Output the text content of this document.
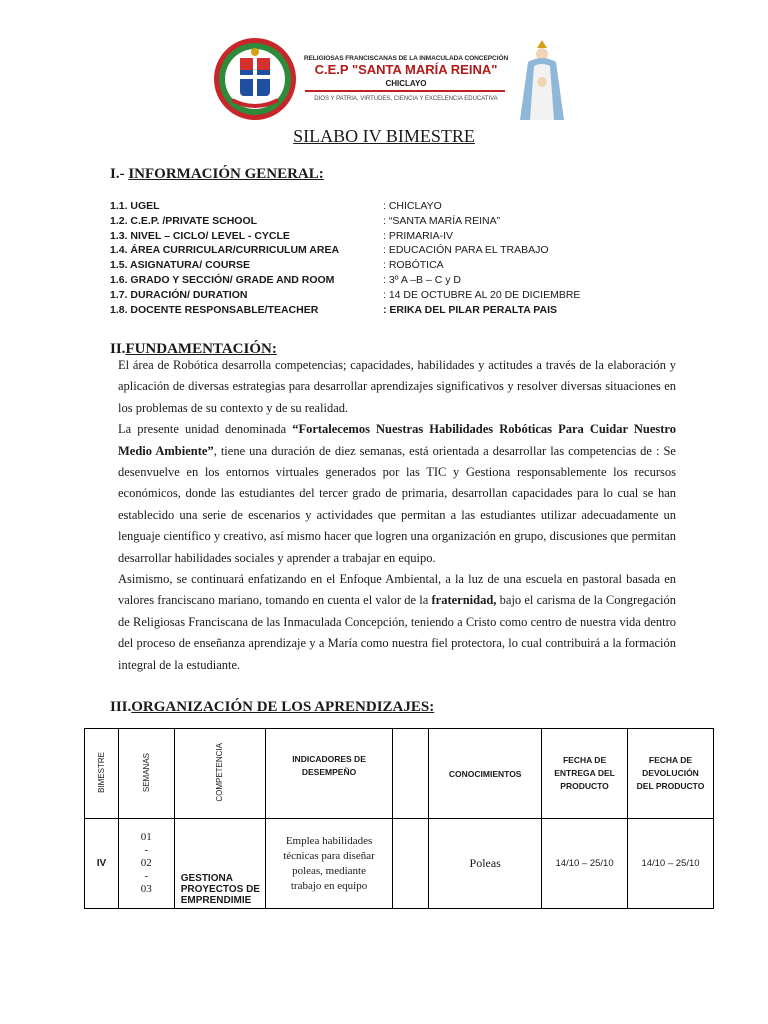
RELIGIOSAS FRANCISCANAS DE LA INMACULADA CONCEPCIÓN
C.E.P "SANTA MARÍA REINA"
CHICLAYO
DIOS Y PATRIA, VIRTUDES, CIENCIA Y EXCELENCIA EDUCATIVA
SILABO IV BIMESTRE
I.- INFORMACIÓN GENERAL:
1.1. UGEL	: CHICLAYO
1.2. C.E.P. /PRIVATE SCHOOL	: “SANTA MARÍA REINA”
1.3. NIVEL – CICLO/ LEVEL - CYCLE	: PRIMARIA-IV
1.4. ÁREA CURRICULAR/CURRICULUM AREA	: EDUCACIÓN PARA EL TRABAJO
1.5. ASIGNATURA/ COURSE	: ROBÓTICA
1.6. GRADO Y SECCIÓN/ GRADE AND ROOM	: 3º A –B – C y D
1.7. DURACIÓN/ DURATION	: 14 DE OCTUBRE AL 20 DE DICIEMBRE
1.8. DOCENTE RESPONSABLE/TEACHER	: ERIKA DEL PILAR PERALTA PAIS
II.FUNDAMENTACIÓN:

El área de Robótica desarrolla competencias; capacidades, habilidades y actitudes a través de la elaboración y aplicación de diversas estrategias para desarrollar aprendizajes significativos y resolver diversas situaciones en los problemas de su contexto y de su realidad.

La presente unidad denominada “Fortalecemos Nuestras Habilidades Robóticas Para Cuidar Nuestro Medio Ambiente”, tiene una duración de diez semanas, está orientada a desarrollar las competencias de : Se desenvuelve en los entornos virtuales generados por las TIC y Gestiona responsablemente los recursos económicos, donde las estudiantes del tercer grado de primaria, desarrollan capacidades para lo cual se han establecido una serie de escenarios y actividades que permitan a las estudiantes utilizar adecuadamente un lenguaje científico y creativo, así mismo hacer que logren una organización en grupo, discusiones que permitan desarrollar habilidades sociales y aprender a trabajar en equipo.

Asimismo, se continuará enfatizando en el Enfoque Ambiental, a la luz de una escuela en pastoral basada en valores franciscano mariano, tomando en cuenta el valor de la fraternidad, bajo el carisma de la Congregación de Religiosas Franciscana de las Inmaculada Concepción, teniendo a Cristo como centro de nuestra vida dentro del proceso de enseñanza aprendizaje y a María como nuestra fiel protectora, lo cual contribuirá a la formación integral de la estudiante.

III.ORGANIZACIÓN DE LOS APRENDIZAJES:
BIMESTRE	SEMANAS	COMPETENCIA	INDICADORES DE DESEMPEÑO		CONOCIMIENTOS	FECHA DE ENTREGA DEL PRODUCTO	FECHA DE DEVOLUCIÓN DEL PRODUCTO
IV	01
-
02
-
03	GESTIONA PROYECTOS DE EMPRENDIMIE	Emplea habilidades técnicas para diseñar poleas, mediante trabajo en equipo		Poleas	14/10 – 25/10	14/10 – 25/10
